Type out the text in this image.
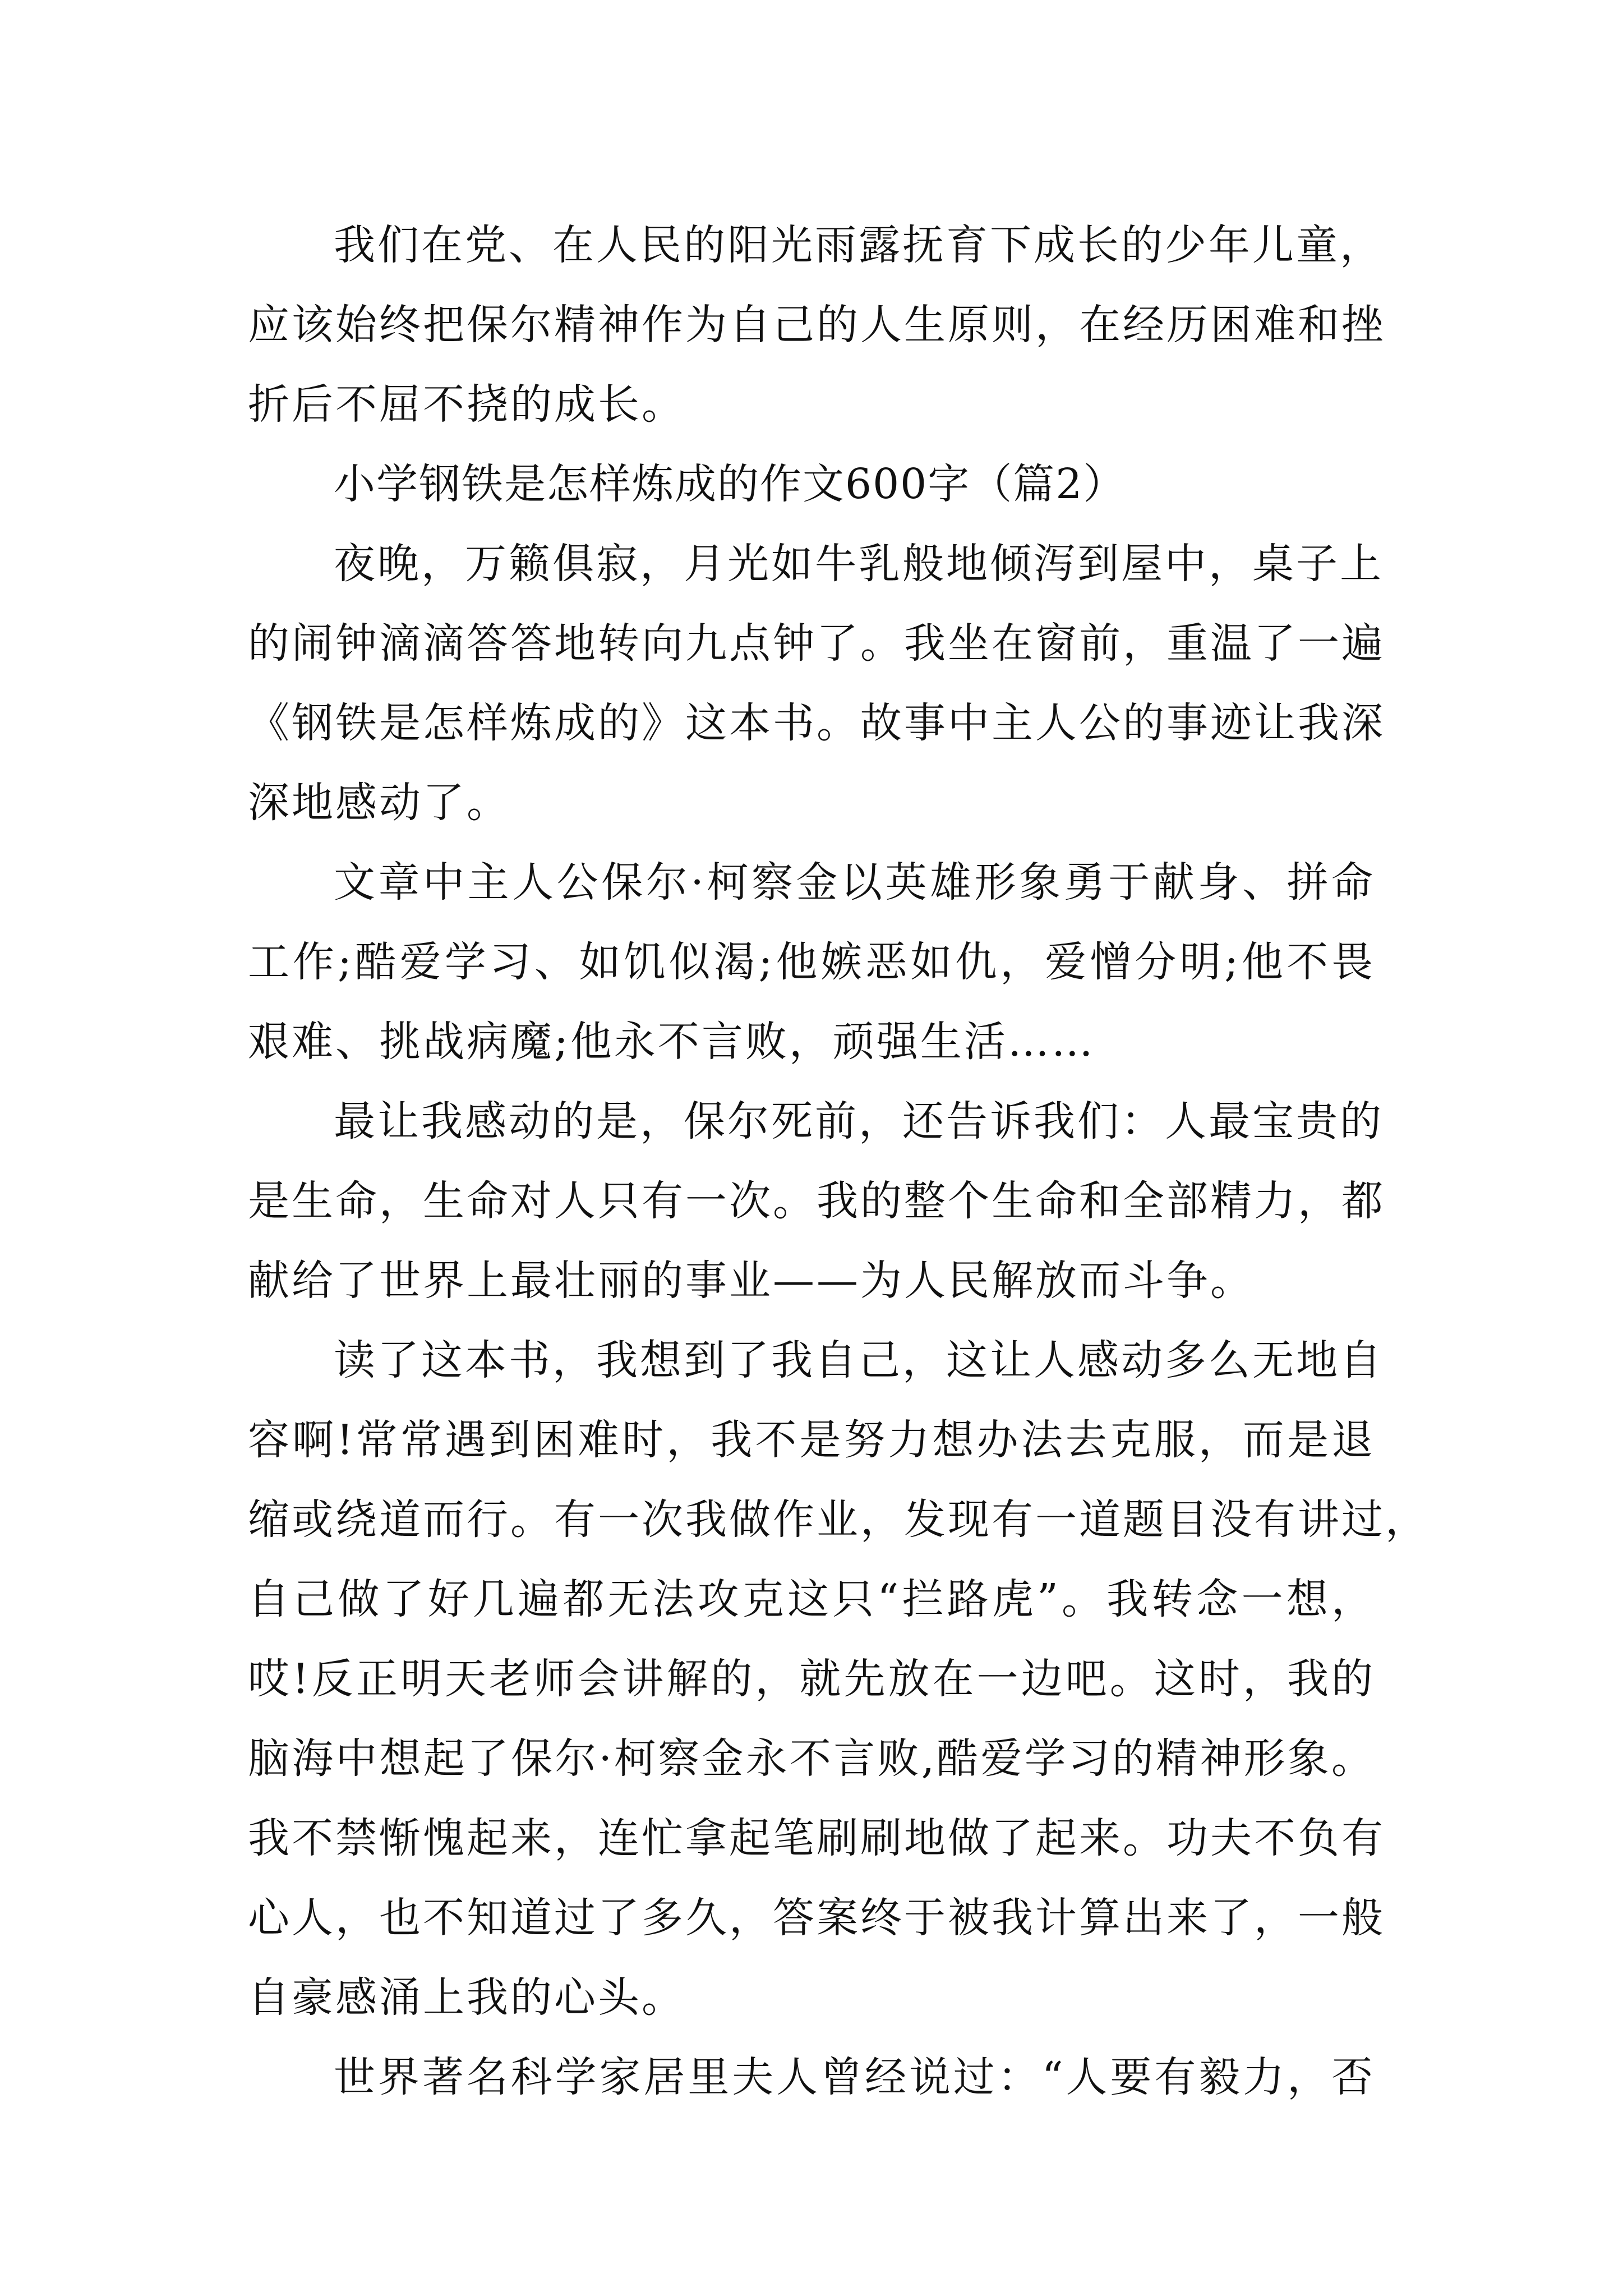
我们在党、在人民的阳光雨露抚育下成长的少年儿童，

应该始终把保尔精神作为自己的人生原则，在经历困难和挫

折后不屈不挠的成长。

小学钢铁是怎样炼成的作文600字（篇2）

夜晚，万籁俱寂，月光如牛乳般地倾泻到屋中，桌子上

的闹钟滴滴答答地转向九点钟了。我坐在窗前，重温了一遍

《钢铁是怎样炼成的》这本书。故事中主人公的事迹让我深

深地感动了。

文章中主人公保尔·柯察金以英雄形象勇于献身、拼命

工作;酷爱学习、如饥似渴;他嫉恶如仇，爱憎分明;他不畏

艰难、挑战病魔;他永不言败，顽强生活……

最让我感动的是，保尔死前，还告诉我们：人最宝贵的

是生命，生命对人只有一次。我的整个生命和全部精力，都

献给了世界上最壮丽的事业——为人民解放而斗争。

读了这本书，我想到了我自己，这让人感动多么无地自

容啊!常常遇到困难时，我不是努力想办法去克服，而是退

缩或绕道而行。有一次我做作业，发现有一道题目没有讲过，

自己做了好几遍都无法攻克这只“拦路虎”。我转念一想，

哎!反正明天老师会讲解的，就先放在一边吧。这时，我的

脑海中想起了保尔·柯察金永不言败,酷爱学习的精神形象。

我不禁惭愧起来，连忙拿起笔刷刷地做了起来。功夫不负有

心人，也不知道过了多久，答案终于被我计算出来了，一般

自豪感涌上我的心头。

世界著名科学家居里夫人曾经说过：“人要有毅力，否
